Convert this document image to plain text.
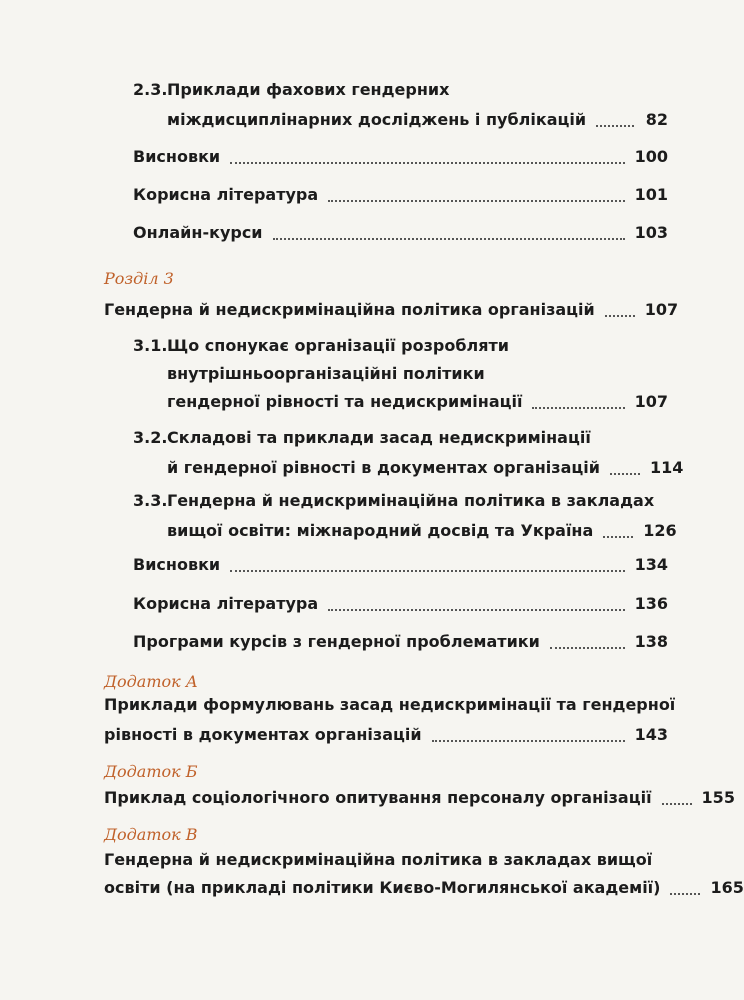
2.3. Приклади фахових гендерних
міждисциплінарних досліджень і публікацій	82
Висновки	100
Корисна література	101
Онлайн-курси	103
Розділ 3
Гендерна й недискримінаційна політика організацій	107
3.1. Що спонукає організації розробляти
внутрішньоорганізаційні політики
гендерної рівності та недискримінації	107
3.2. Складові та приклади засад недискримінації
й гендерної рівності в документах організацій	114
3.3. Гендерна й недискримінаційна політика в закладах
вищої освіти: міжнародний досвід та Україна	126
Висновки	134
Корисна література	136
Програми курсів з гендерної проблематики	138
Додаток А
Приклади формулювань засад недискримінації та гендерної
рівності в документах організацій	143
Додаток Б
Приклад соціологічного опитування персоналу організації	155
Додаток В
Гендерна й недискримінаційна політика в закладах вищої
освіти (на прикладі політики Києво-Могилянської академії)	165
